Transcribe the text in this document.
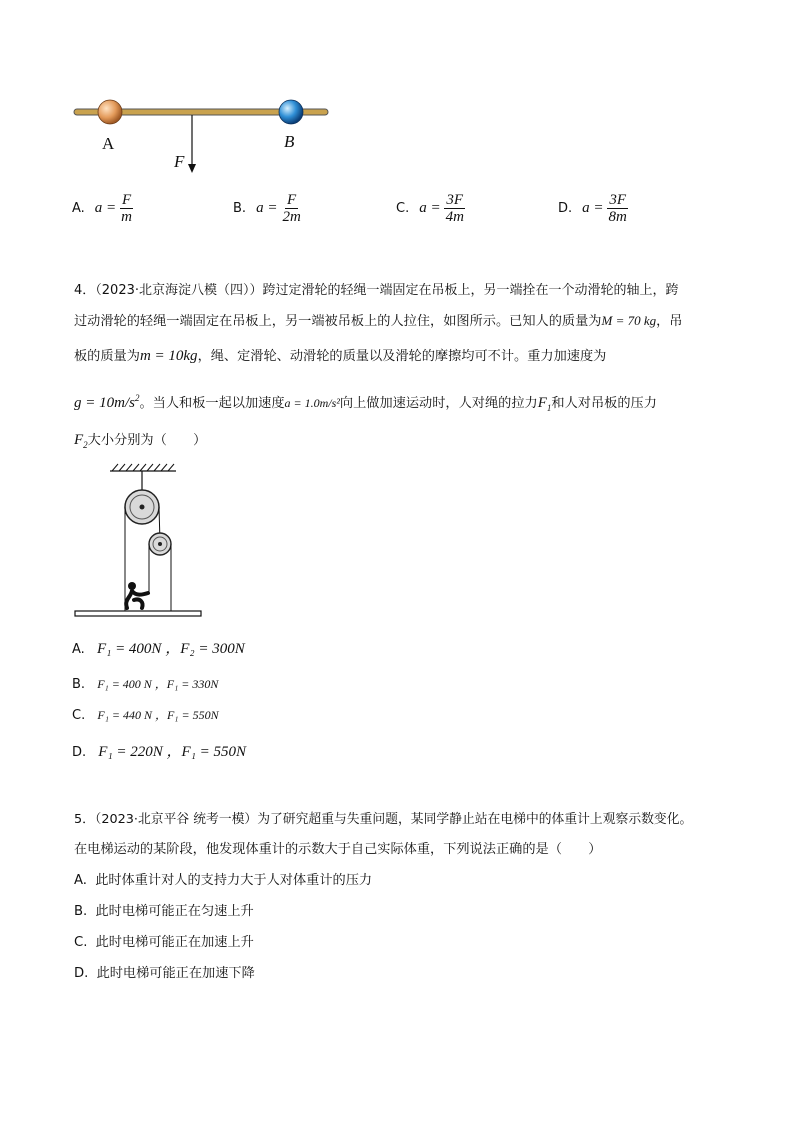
A	B
F
A. $a = \frac{F}{m}$	B. $a = \frac{F}{2m}$	C. $a = \frac{3F}{4m}$	D. $a = \frac{3F}{8m}$
4．（2023·北京海淀八模（四））跨过定滑轮的轻绳一端固定在吊板上，另一端拴在一个动滑轮的轴上，跨
过动滑轮的轻绳一端固定在吊板上，另一端被吊板上的人拉住，如图所示。已知人的质量为M = 70 kg，吊
板的质量为m = 10kg，绳、定滑轮、动滑轮的质量以及滑轮的摩擦均可不计。重力加速度为
$g = 10m/s^2$。当人和板一起以加速度a = 1.0m/s²向上做加速运动时，人对绳的拉力$F_1$和人对吊板的压力
$F_2$大小分别为（　　）
A. F₁ = 400N ，F₂ = 300N
B. F₁ = 400 N ，F₁ = 330N
C. F₁ = 440 N ，F₁ = 550N
D. F₁ = 220N ，F₁ = 550N
5．（2023·北京平谷 统考一模）为了研究超重与失重问题，某同学静止站在电梯中的体重计上观察示数变化。
在电梯运动的某阶段，他发现体重计的示数大于自己实际体重，下列说法正确的是（　　）
A. 此时体重计对人的支持力大于人对体重计的压力
B. 此时电梯可能正在匀速上升
C. 此时电梯可能正在加速上升
D. 此时电梯可能正在加速下降
